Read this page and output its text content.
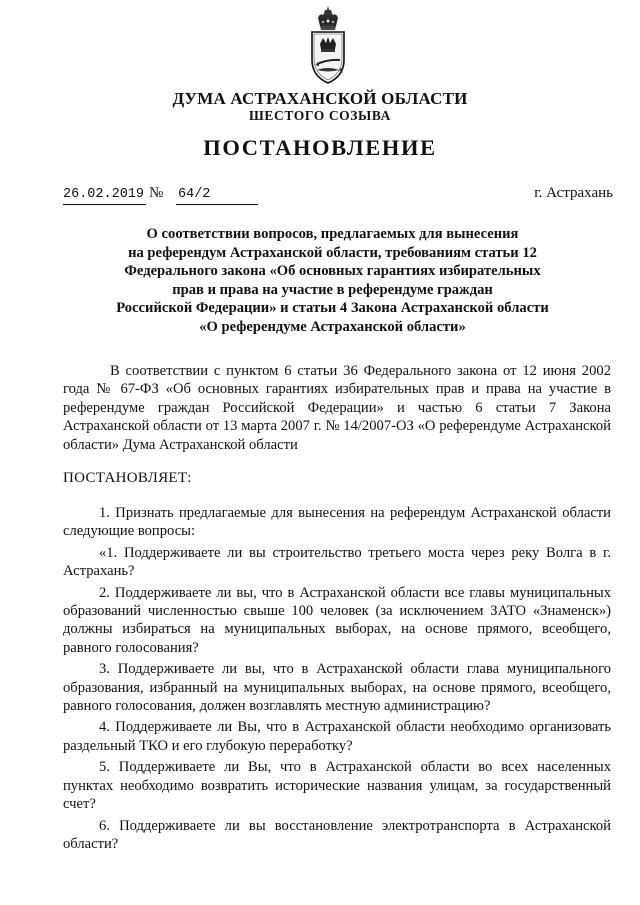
ДУМА АСТРАХАНСКОЙ ОБЛАСТИ
ШЕСТОГО СОЗЫВА
ПОСТАНОВЛЕНИЕ
26.02.2019 № 64/2	г. Астрахань
О соответствии вопросов, предлагаемых для вынесения
на референдум Астраханской области, требованиям статьи 12
Федерального закона «Об основных гарантиях избирательных
прав и права на участие в референдуме граждан
Российской Федерации» и статьи 4 Закона Астраханской области
«О референдуме Астраханской области»
В соответствии с пунктом 6 статьи 36 Федерального закона от 12 июня 2002 года № 67-ФЗ «Об основных гарантиях избирательных прав и права на участие в референдуме граждан Российской Федерации» и частью 6 статьи 7 Закона Астраханской области от 13 марта 2007 г. № 14/2007-ОЗ «О референдуме Астраханской области» Дума Астраханской области
ПОСТАНОВЛЯЕТ:

1. Признать предлагаемые для вынесения на референдум Астраханской области следующие вопросы:

«1. Поддерживаете ли вы строительство третьего моста через реку Волга в г. Астрахань?

2. Поддерживаете ли вы, что в Астраханской области все главы муниципальных образований численностью свыше 100 человек (за исключением ЗАТО «Знаменск») должны избираться на муниципальных выборах, на основе прямого, всеобщего, равного голосования?

3. Поддерживаете ли вы, что в Астраханской области глава муниципального образования, избранный на муниципальных выборах, на основе прямого, всеобщего, равного голосования, должен возглавлять местную администрацию?

4. Поддерживаете ли Вы, что в Астраханской области необходимо организовать раздельный ТКО и его глубокую переработку?

5. Поддерживаете ли Вы, что в Астраханской области во всех населенных пунктах необходимо возвратить исторические названия улицам, за государственный счет?

6. Поддерживаете ли вы восстановление электротранспорта в Астраханской области?
